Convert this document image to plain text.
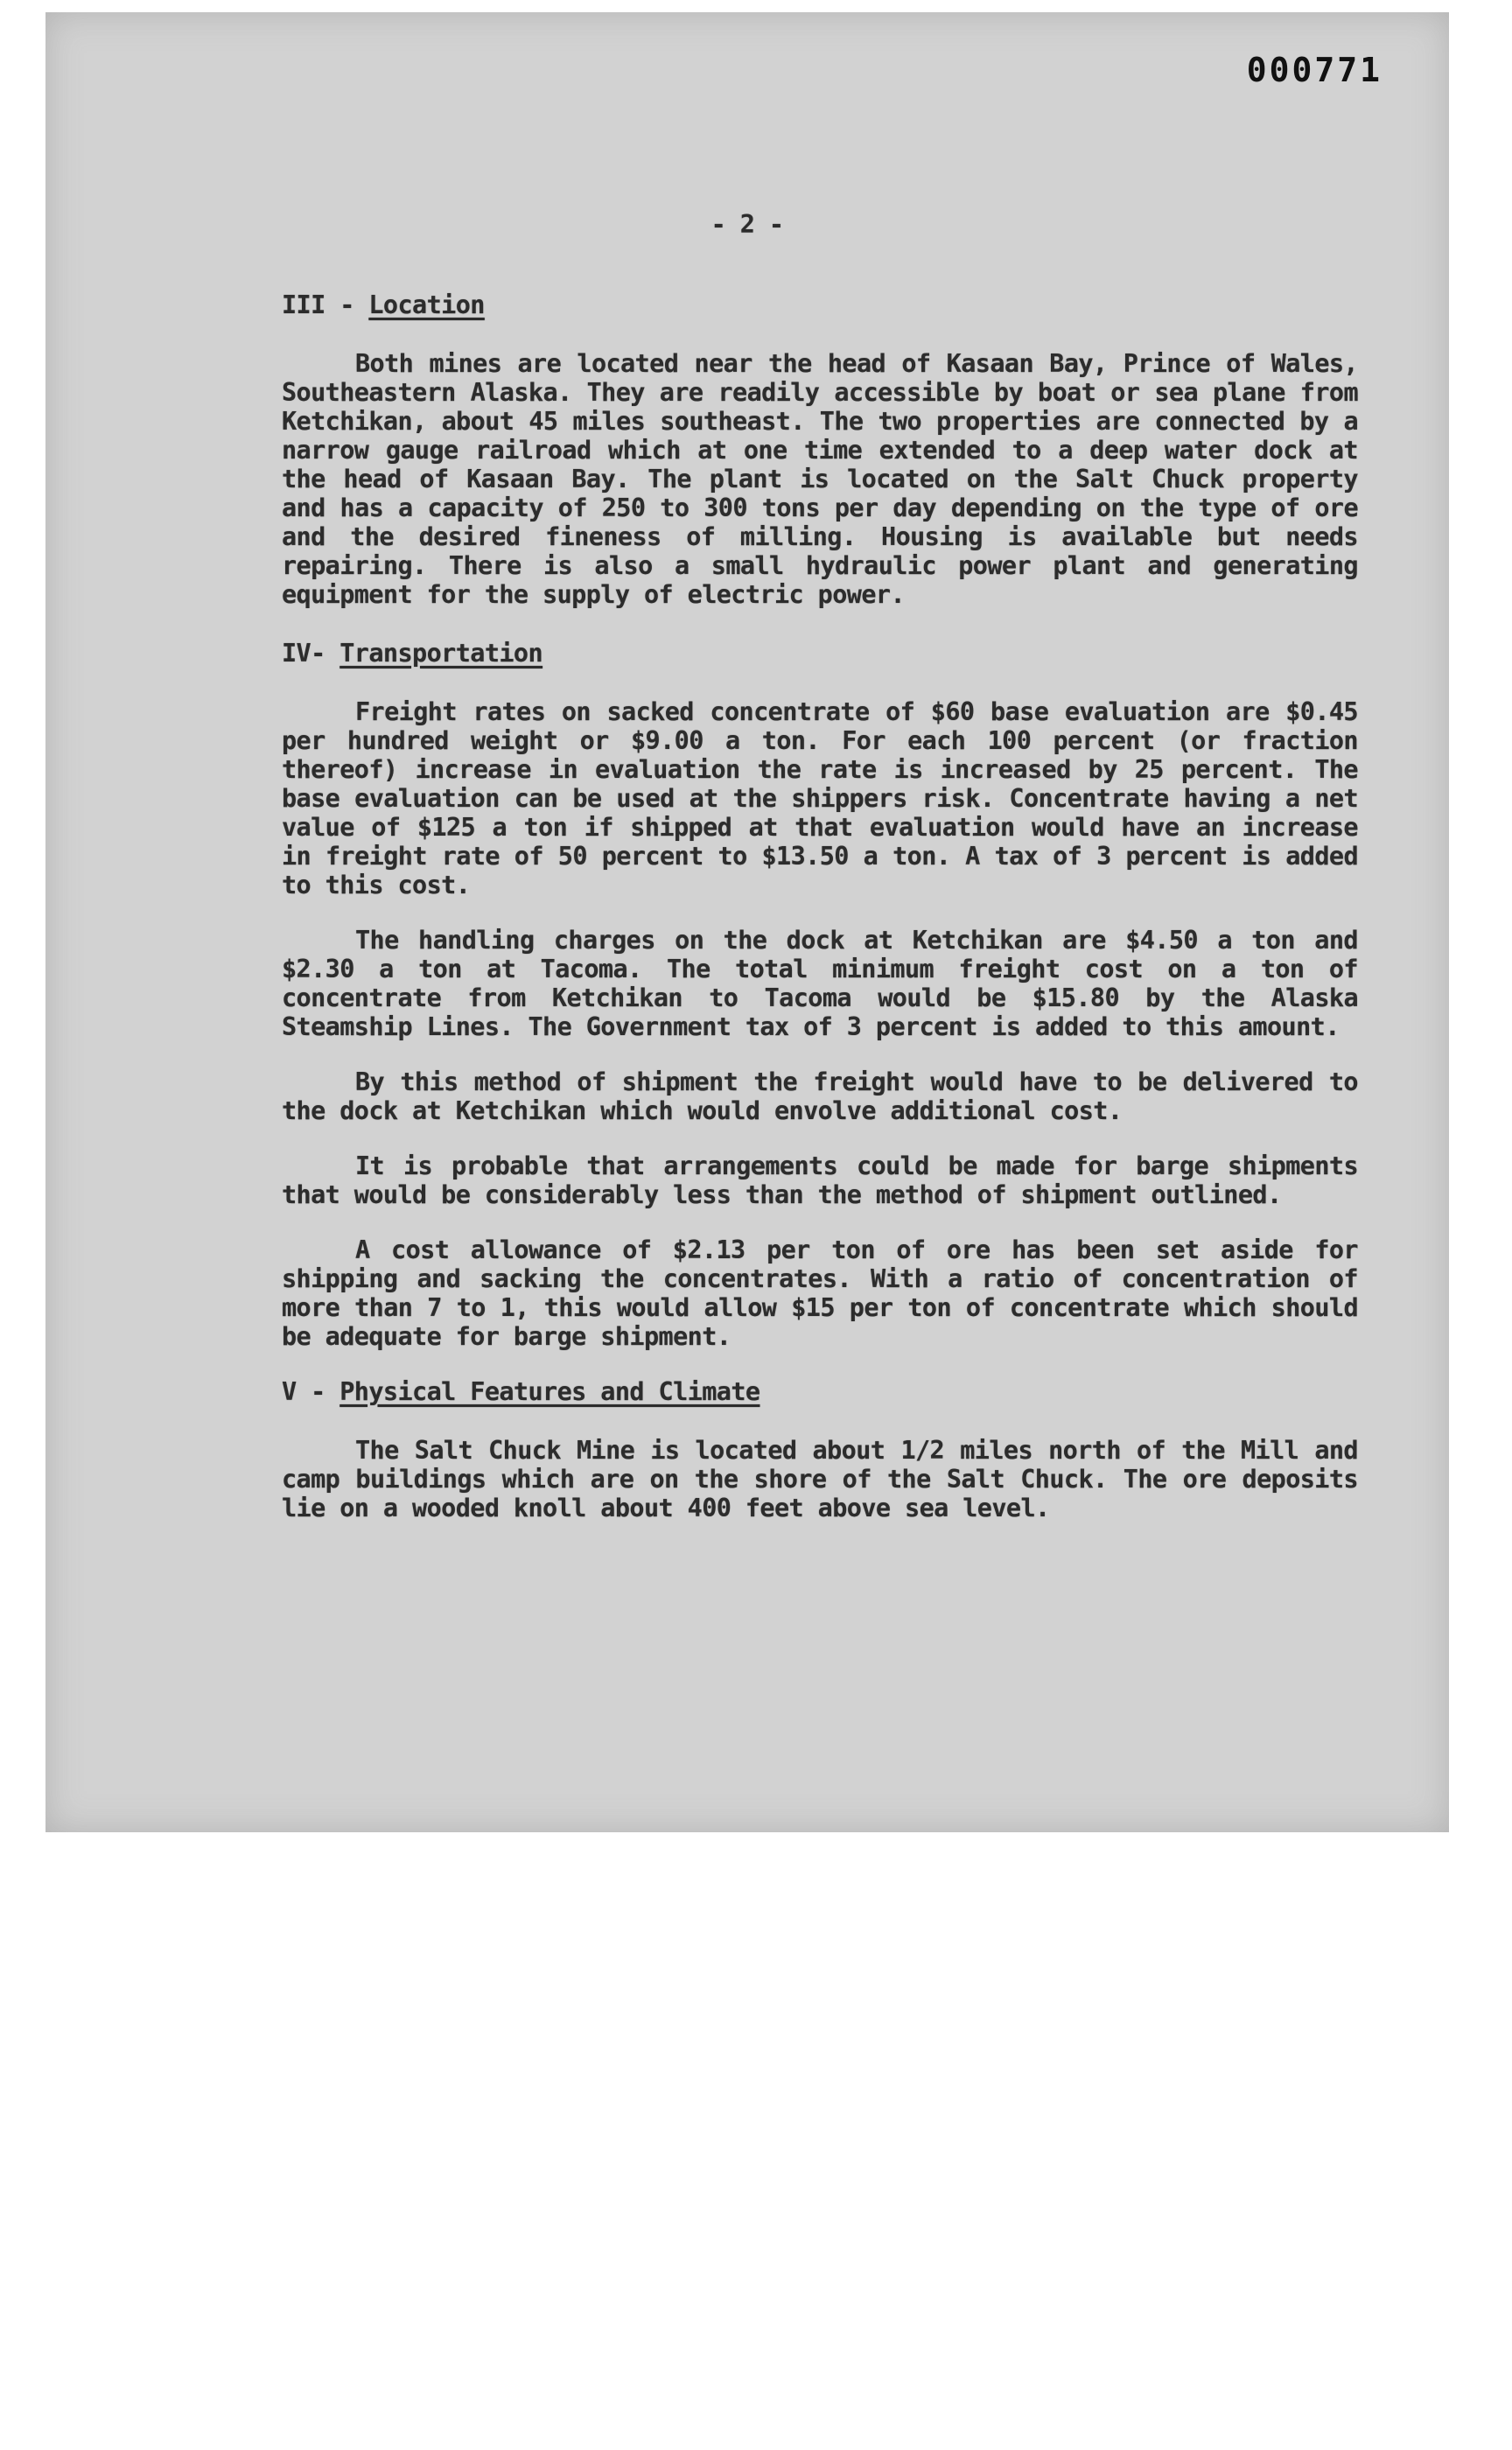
000771
- 2 -
III - Location

Both mines are located near the head of Kasaan Bay, Prince of Wales, Southeastern Alaska. They are readily accessible by boat or sea plane from Ketchikan, about 45 miles southeast. The two properties are connected by a narrow gauge railroad which at one time extended to a deep water dock at the head of Kasaan Bay. The plant is located on the Salt Chuck property and has a capacity of 250 to 300 tons per day depending on the type of ore and the desired fineness of milling. Housing is available but needs repairing. There is also a small hydraulic power plant and generating equipment for the supply of electric power.

IV- Transportation

Freight rates on sacked concentrate of $60 base evaluation are $0.45 per hundred weight or $9.00 a ton. For each 100 percent (or fraction thereof) increase in evaluation the rate is increased by 25 percent. The base evaluation can be used at the shippers risk. Concentrate having a net value of $125 a ton if shipped at that evaluation would have an increase in freight rate of 50 percent to $13.50 a ton. A tax of 3 percent is added to this cost.

The handling charges on the dock at Ketchikan are $4.50 a ton and $2.30 a ton at Tacoma. The total minimum freight cost on a ton of concentrate from Ketchikan to Tacoma would be $15.80 by the Alaska Steamship Lines. The Government tax of 3 percent is added to this amount.

By this method of shipment the freight would have to be delivered to the dock at Ketchikan which would envolve additional cost.

It is probable that arrangements could be made for barge shipments that would be considerably less than the method of shipment outlined.

A cost allowance of $2.13 per ton of ore has been set aside for shipping and sacking the concentrates. With a ratio of concentration of more than 7 to 1, this would allow $15 per ton of concentrate which should be adequate for barge shipment.

V - Physical Features and Climate

The Salt Chuck Mine is located about 1/2 miles north of the Mill and camp buildings which are on the shore of the Salt Chuck. The ore deposits lie on a wooded knoll about 400 feet above sea level.
